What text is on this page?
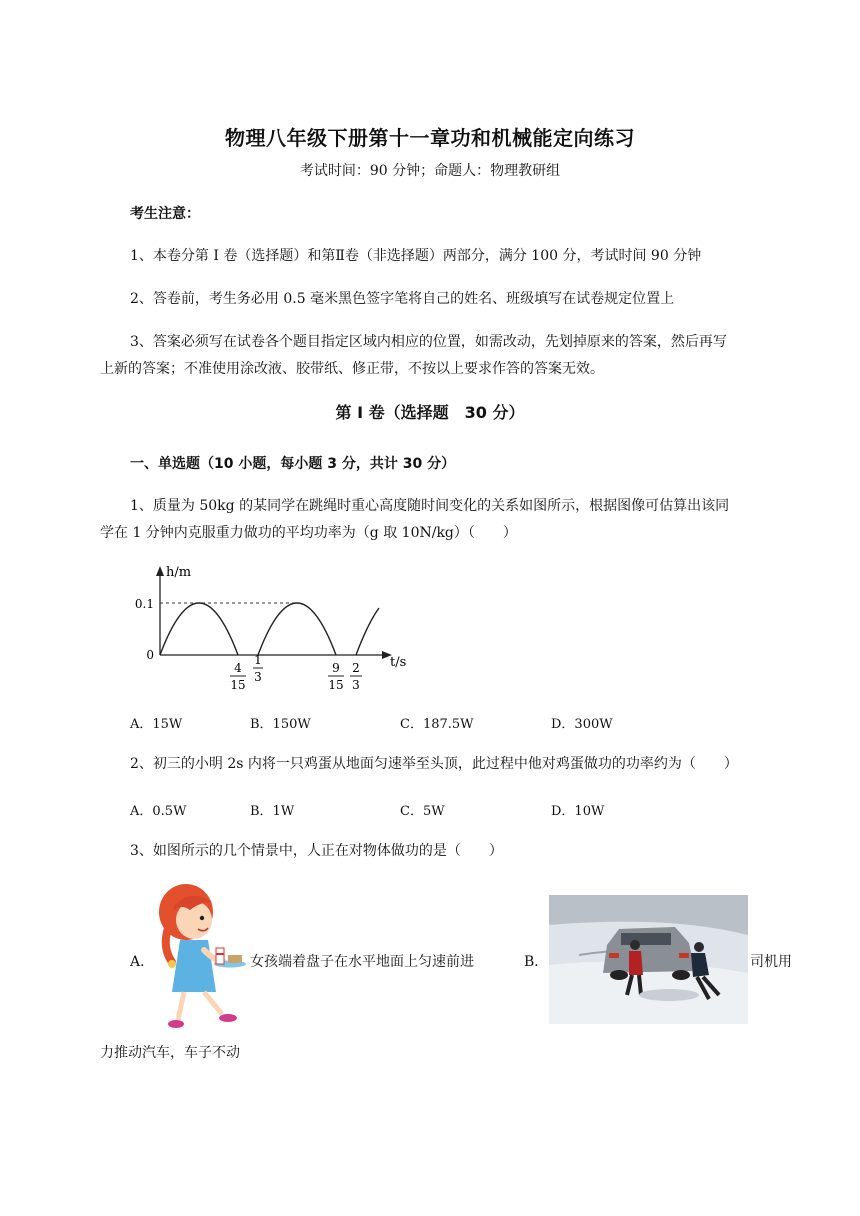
物理八年级下册第十一章功和机械能定向练习
考试时间：90 分钟；命题人：物理教研组
考生注意：
1、本卷分第 I 卷（选择题）和第Ⅱ卷（非选择题）两部分，满分 100 分，考试时间 90 分钟
2、答卷前，考生务必用 0.5 毫米黑色签字笔将自己的姓名、班级填写在试卷规定位置上
3、答案必须写在试卷各个题目指定区域内相应的位置，如需改动，先划掉原来的答案，然后再写
上新的答案；不准使用涂改液、胶带纸、修正带，不按以上要求作答的答案无效。
第 I 卷（选择题　30 分）
一、单选题（10 小题，每小题 3 分，共计 30 分）
1、质量为 50kg 的某同学在跳绳时重心高度随时间变化的关系如图所示，根据图像可估算出该同
学在 1 分钟内克服重力做功的平均功率为（g 取 10N/kg）（　　）
h/m
t/s
0.1
0
4
15
1
3
9
15
2
3
A．15W	B．150W	C．187.5W	D．300W
2、初三的小明 2s 内将一只鸡蛋从地面匀速举至头顶，此过程中他对鸡蛋做功的功率约为（　　）
A．0.5W	B．1W	C．5W	D．10W
3、如图所示的几个情景中，人正在对物体做功的是（　　）
A．	女孩端着盘子在水平地面上匀速前进	B．	司机用
力推动汽车，车子不动
